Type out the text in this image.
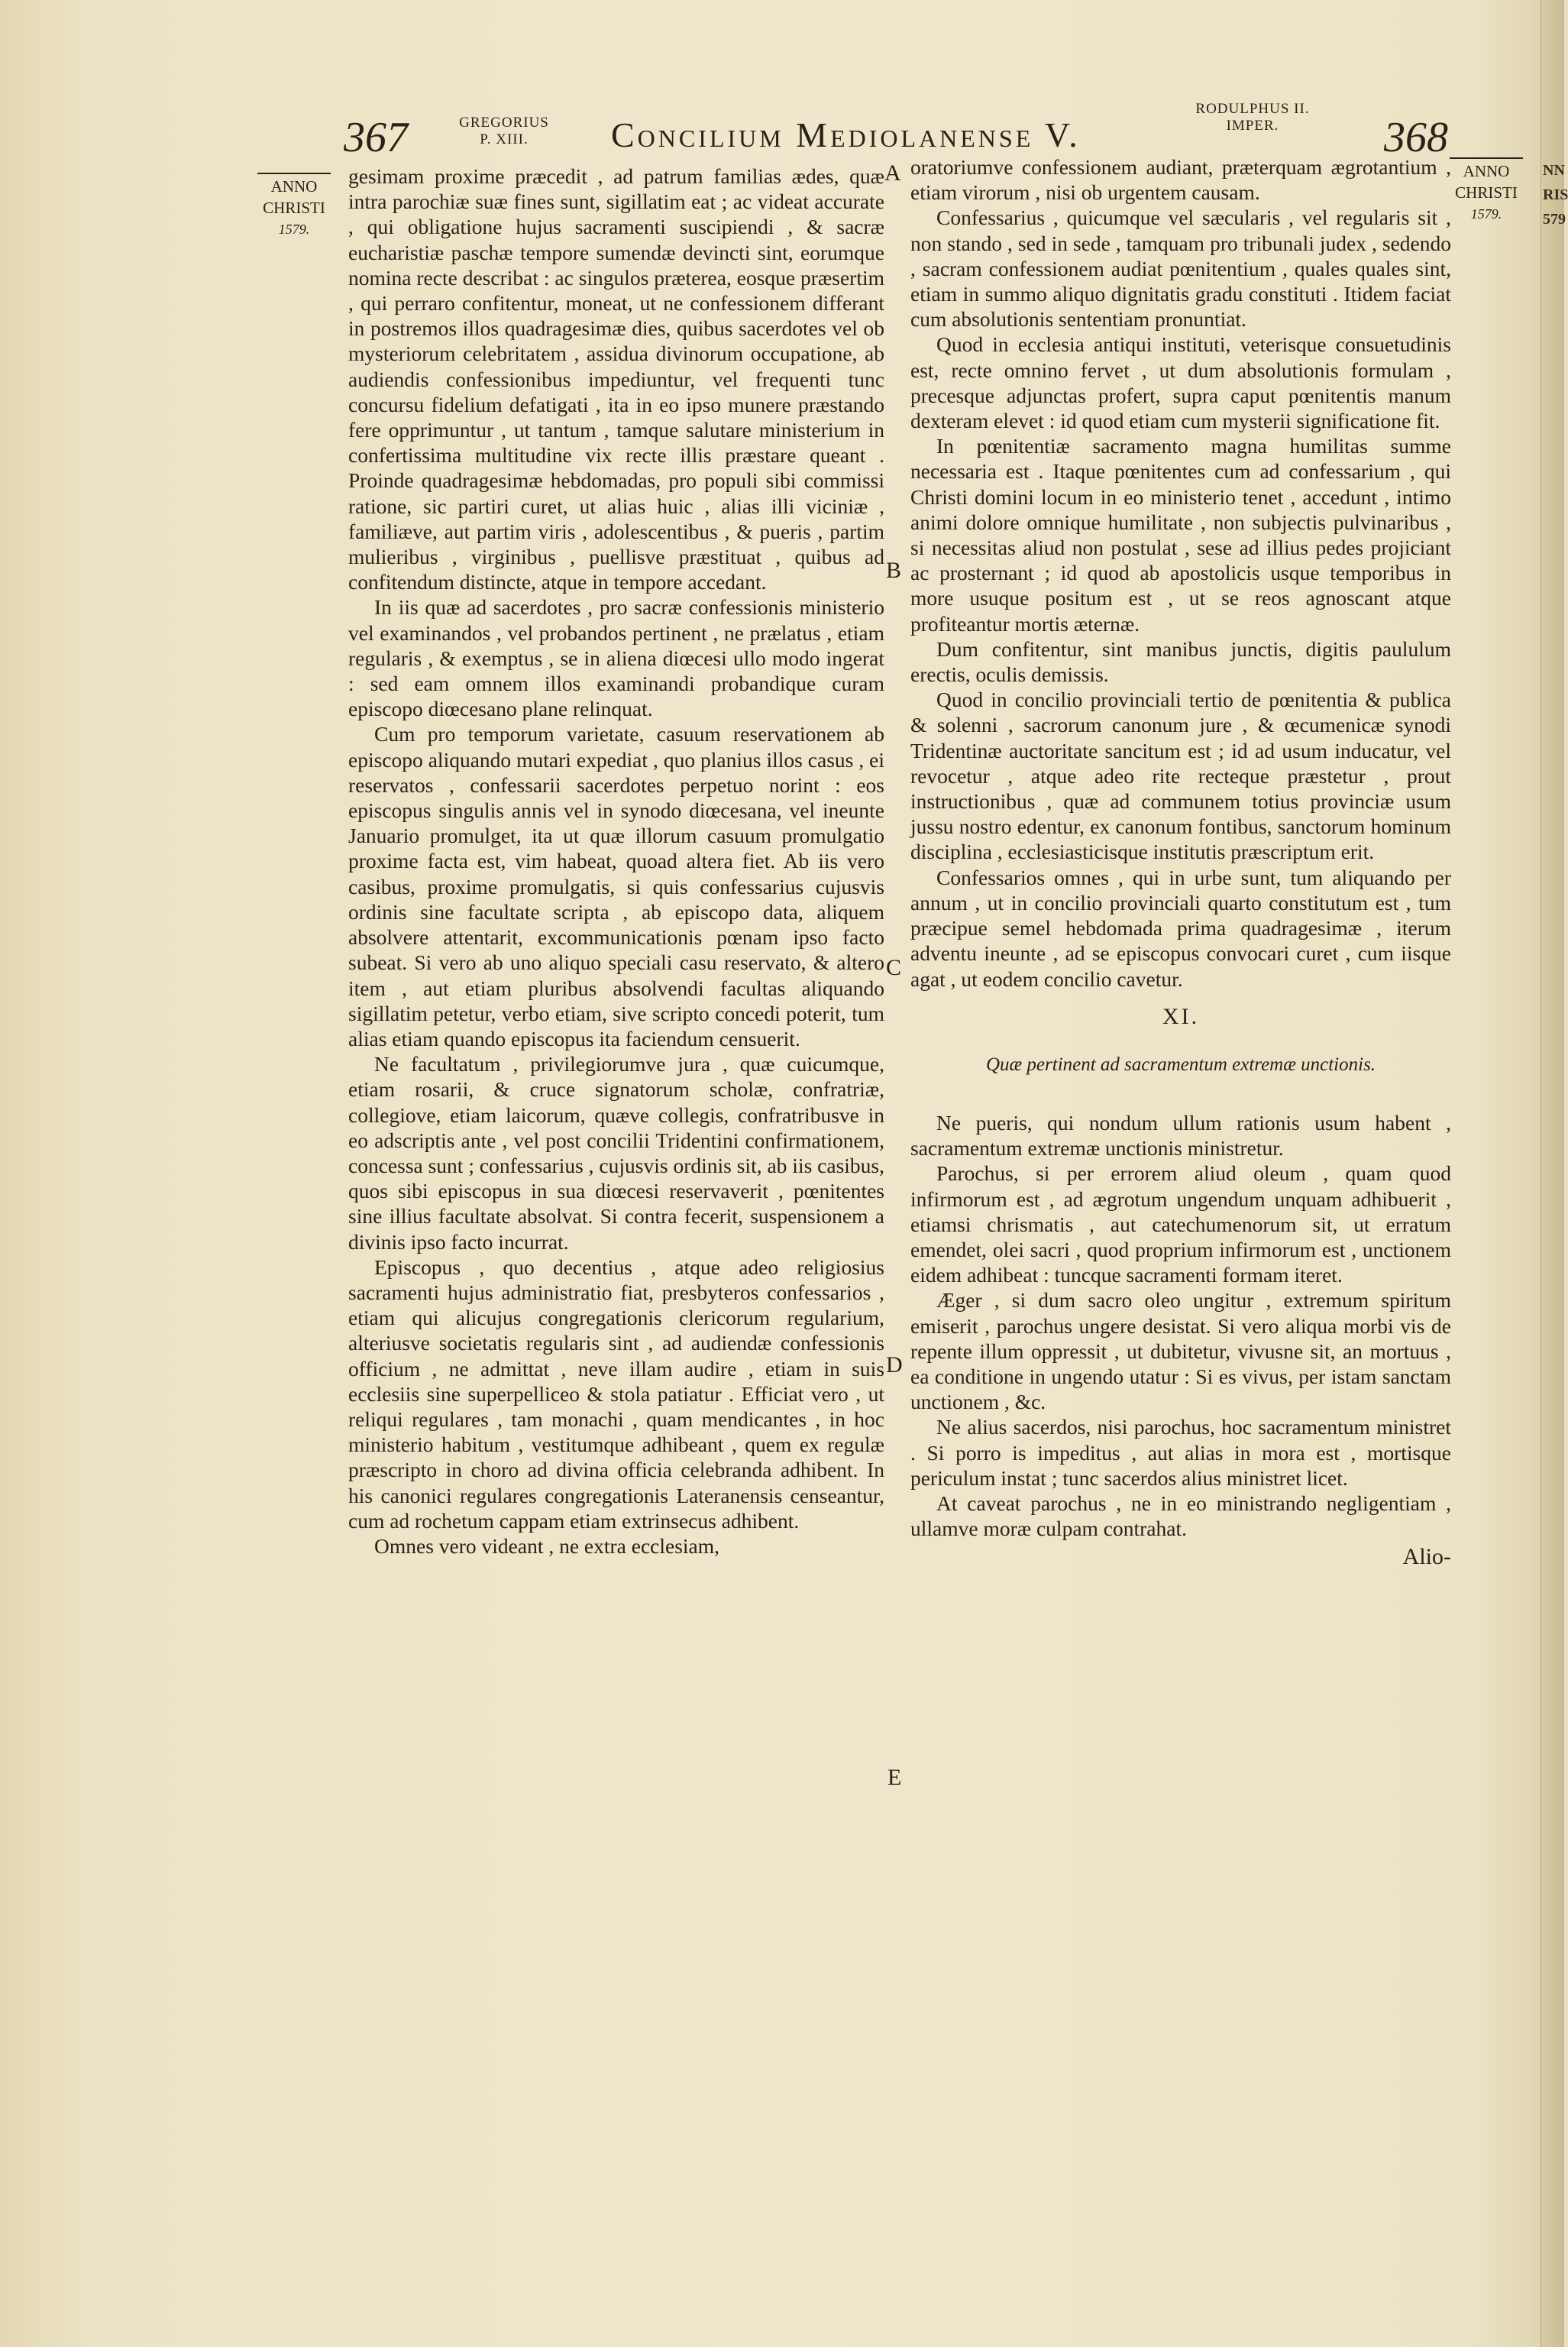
NN
RIS
579
367	GREGORIUS
P. XIII.	Concilium Mediolanense V.
RODULPHUS II.
IMPER.	368
ANNO
CHRISTI
1579.
ANNO
CHRISTI
1579.
A
B
C
D
E

gesimam proxime præcedit , ad patrum familias ædes, quæ intra parochiæ suæ fines sunt, sigillatim eat ; ac videat accurate , qui obligatione hujus sacramenti suscipiendi , & sacræ eucharistiæ paschæ tempore sumendæ devincti sint, eorumque nomina recte describat : ac singulos præterea, eosque præsertim , qui perraro confitentur, moneat, ut ne confessionem differant in postremos illos quadragesimæ dies, quibus sacerdotes vel ob mysteriorum celebritatem , assidua divinorum occupatione, ab audiendis confessionibus impediuntur, vel frequenti tunc concursu fidelium defatigati , ita in eo ipso munere præstando fere opprimuntur , ut tantum , tamque salutare ministerium in confertissima multitudine vix recte illis præstare queant . Proinde quadragesimæ hebdomadas, pro populi sibi commissi ratione, sic partiri curet, ut alias huic , alias illi viciniæ , familiæve, aut partim viris , adolescentibus , & pueris , partim mulieribus , virginibus , puellisve præstituat , quibus ad confitendum distincte, atque in tempore accedant.

In iis quæ ad sacerdotes , pro sacræ confessionis ministerio vel examinandos , vel probandos pertinent , ne prælatus , etiam regularis , & exemptus , se in aliena diœcesi ullo modo ingerat : sed eam omnem illos examinandi probandique curam episcopo diœcesano plane relinquat.

Cum pro temporum varietate, casuum reservationem ab episcopo aliquando mutari expediat , quo planius illos casus , ei reservatos , confessarii sacerdotes perpetuo norint : eos episcopus singulis annis vel in synodo diœcesana, vel ineunte Januario promulget, ita ut quæ illorum casuum promulgatio proxime facta est, vim habeat, quoad altera fiet. Ab iis vero casibus, proxime promulgatis, si quis confessarius cujusvis ordinis sine facultate scripta , ab episcopo data, aliquem absolvere attentarit, excommunicationis pœnam ipso facto subeat. Si vero ab uno aliquo speciali casu reservato, & altero item , aut etiam pluribus absolvendi facultas aliquando sigillatim petetur, verbo etiam, sive scripto concedi poterit, tum alias etiam quando episcopus ita faciendum censuerit.

Ne facultatum , privilegiorumve jura , quæ cuicumque, etiam rosarii, & cruce signatorum scholæ, confratriæ, collegiove, etiam laicorum, quævе collegis, confratribusve in eo adscriptis ante , vel post concilii Tridentini confirmationem, concessa sunt ; confessarius , cujusvis ordinis sit, ab iis casibus, quos sibi episcopus in sua diœcesi reservaverit , pœnitentes sine illius facultate absolvat. Si contra fecerit, suspensionem a divinis ipso facto incurrat.

Episcopus , quo decentius , atque adeo religiosius sacramenti hujus administratio fiat, presbyteros confessarios , etiam qui alicujus congregationis clericorum regularium, alteriusve societatis regularis sint , ad audiendæ confessionis officium , ne admittat , neve illam audire , etiam in suis ecclesiis sine superpelliceo & stola patiatur . Efficiat vero , ut reliqui regulares , tam monachi , quam mendicantes , in hoc ministerio habitum , vestitumque adhibeant , quem ex regulæ præscripto in choro ad divina officia celebranda adhibent. In his canonici regulares congregationis Lateranensis censeantur, cum ad rochetum cappam etiam extrinsecus adhibent.

Omnes vero videant , ne extra ecclesiam,

oratoriumve confessionem audiant, præterquam ægrotantium , etiam virorum , nisi ob urgentem causam.

Confessarius , quicumque vel sæcularis , vel regularis sit , non stando , sed in sede , tamquam pro tribunali judex , sedendo , sacram confessionem audiat pœnitentium , quales quales sint, etiam in summo aliquo dignitatis gradu constituti . Itidem faciat cum absolutionis sententiam pronuntiat.

Quod in ecclesia antiqui instituti, veterisque consuetudinis est, recte omnino fervet , ut dum absolutionis formulam , precesque adjunctas profert, supra caput pœnitentis manum dexteram elevet : id quod etiam cum mysterii significatione fit.

In pœnitentiæ sacramento magna humilitas summe necessaria est . Itaque pœnitentes cum ad confessarium , qui Christi domini locum in eo ministerio tenet , accedunt , intimo animi dolore omnique humilitate , non subjectis pulvinaribus , si necessitas aliud non postulat , sese ad illius pedes projiciant ac prosternant ; id quod ab apostolicis usque temporibus in more usuque positum est , ut se reos agnoscant atque profiteantur mortis æternæ.

Dum confitentur, sint manibus junctis, digitis paululum erectis, oculis demissis.

Quod in concilio provinciali tertio de pœnitentia & publica & solenni , sacrorum canonum jure , & œcumenicæ synodi Tridentinæ auctoritate sancitum est ; id ad usum inducatur, vel revocetur , atque adeo rite recteque præstetur , prout instructionibus , quæ ad communem totius provinciæ usum jussu nostro edentur, ex canonum fontibus, sanctorum hominum disciplina , ecclesiasticisque institutis præscriptum erit.

Confessarios omnes , qui in urbe sunt, tum aliquando per annum , ut in concilio provinciali quarto constitutum est , tum præcipue semel hebdomada prima quadragesimæ , iterum adventu ineunte , ad se episcopus convocari curet , cum iisque agat , ut eodem concilio cavetur.

XI.
Quæ pertinent ad sacramentum extremæ unctionis.

Ne pueris, qui nondum ullum rationis usum habent , sacramentum extremæ unctionis ministretur.

Parochus, si per errorem aliud oleum , quam quod infirmorum est , ad ægrotum ungendum unquam adhibuerit , etiamsi chrismatis , aut catechumenorum sit, ut erratum emendet, olei sacri , quod proprium infirmorum est , unctionem eidem adhibeat : tuncque sacramenti formam iteret.

Æger , si dum sacro oleo ungitur , extremum spiritum emiserit , parochus ungere desistat. Si vero aliqua morbi vis de repente illum oppressit , ut dubitetur, vivusne sit, an mortuus , ea conditione in ungendo utatur : Si es vivus, per istam sanctam unctionem , &c.

Ne alius sacerdos, nisi parochus, hoc sacramentum ministret . Si porro is impeditus , aut alias in mora est , mortisque periculum instat ; tunc sacerdos alius ministret licet.

At caveat parochus , ne in eo ministrando negligentiam , ullamve moræ culpam contrahat.

Alio-
